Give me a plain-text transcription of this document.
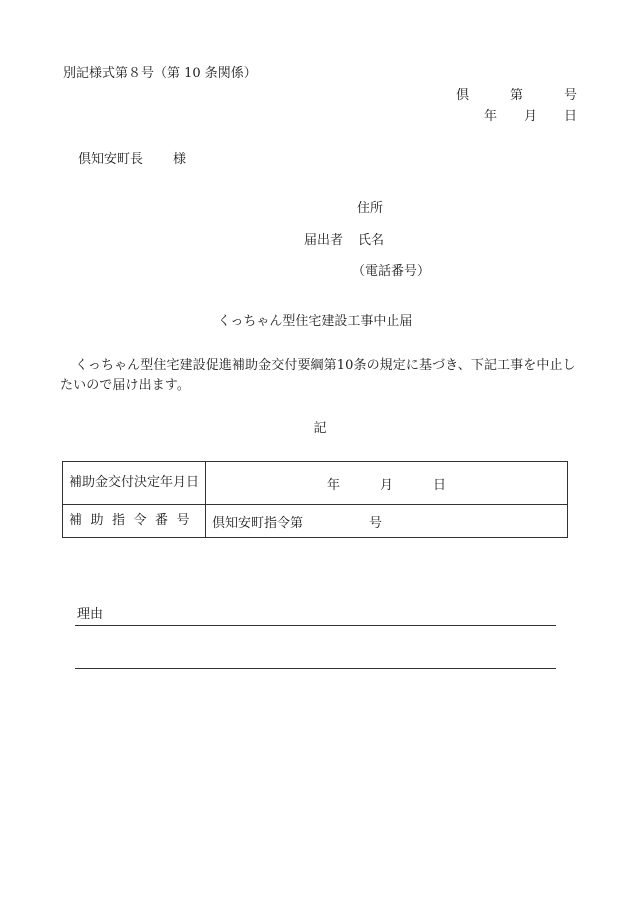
別記様式第８号（第 10 条関係）
倶	第	号
年 月 日
倶知安町長 様
住所
届出者 氏名
（電話番号）
くっちゃん型住宅建設工事中止届
くっちゃん型住宅建設促進補助金交付要綱第10条の規定に基づき、下記工事を中止したいので届け出ます。
記
補助金交付決定年月日	年 月 日

補助指令番号	倶知安町指令第 号
理由
